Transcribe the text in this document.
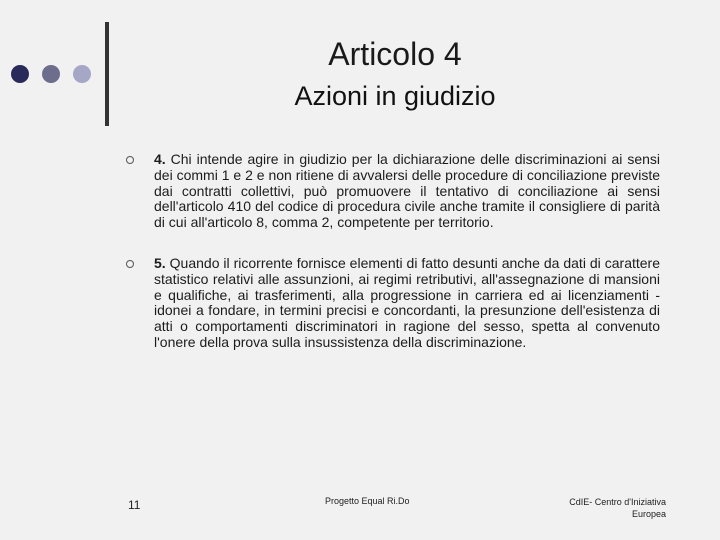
Articolo 4
Azioni in giudizio
4. Chi intende agire in giudizio per la dichiarazione delle discriminazioni ai sensi dei commi 1 e 2 e non ritiene di avvalersi delle procedure di conciliazione previste dai contratti collettivi, può promuovere il tentativo di conciliazione ai sensi dell'articolo 410 del codice di procedura civile anche tramite il consigliere di parità di cui all'articolo 8, comma 2, competente per territorio.
5. Quando il ricorrente fornisce elementi di fatto desunti anche da dati di carattere statistico relativi alle assunzioni, ai regimi retributivi, all'assegnazione di mansioni e qualifiche, ai trasferimenti, alla progressione in carriera ed ai licenziamenti - idonei a fondare, in termini precisi e concordanti, la presunzione dell'esistenza di atti o comportamenti discriminatori in ragione del sesso, spetta al convenuto l'onere della prova sulla insussistenza della discriminazione.
11	Progetto Equal Ri.Do	CdIE- Centro d'Iniziativa
Europea
